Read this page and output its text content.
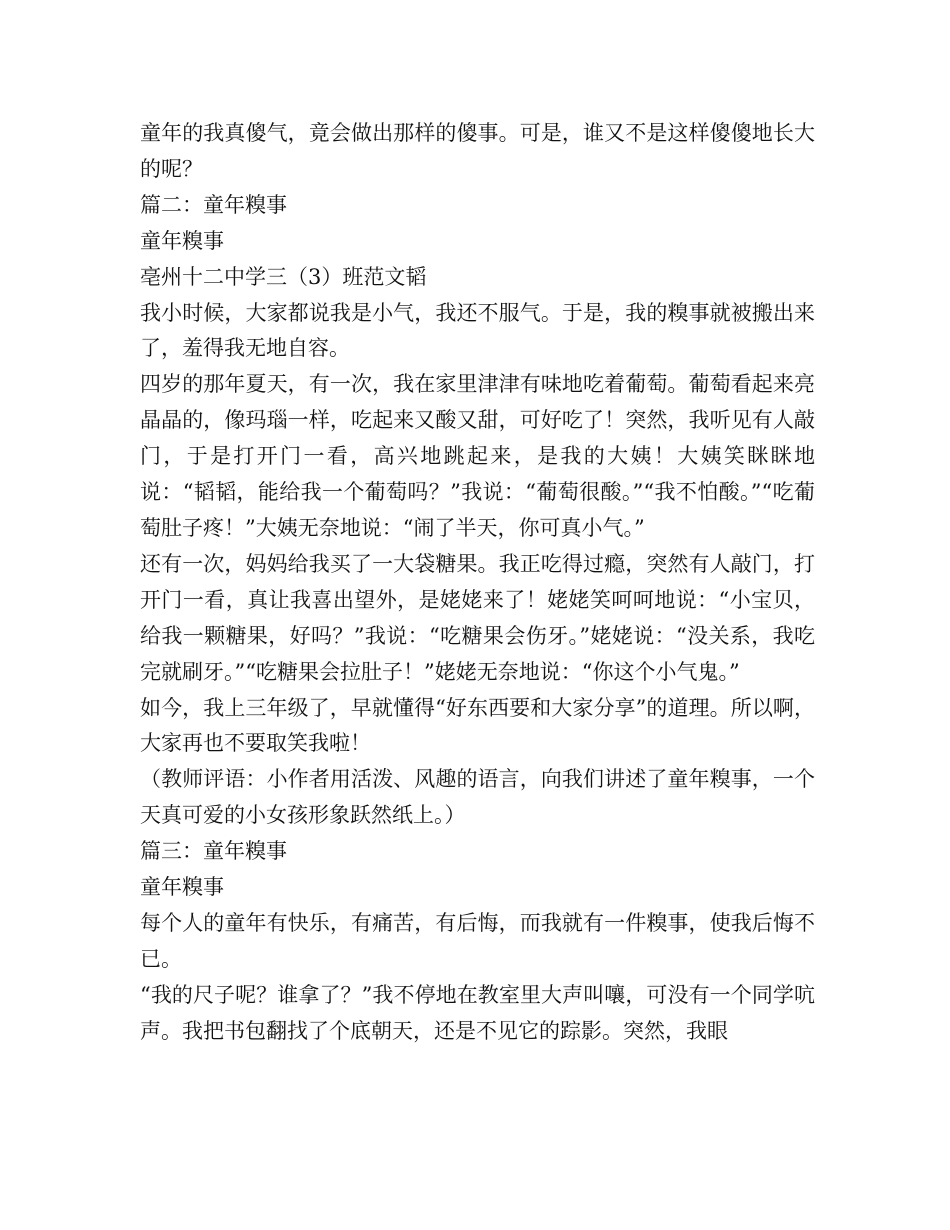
童年的我真傻气，竟会做出那样的傻事。可是，谁又不是这样傻傻地长大的呢？

篇二：童年糗事

童年糗事

亳州十二中学三（3）班范文韬

我小时候，大家都说我是小气，我还不服气。于是，我的糗事就被搬出来了，羞得我无地自容。

四岁的那年夏天，有一次，我在家里津津有味地吃着葡萄。葡萄看起来亮晶晶的，像玛瑙一样，吃起来又酸又甜，可好吃了！突然，我听见有人敲门，于是打开门一看，高兴地跳起来，是我的大姨！大姨笑眯眯地说：“韬韬，能给我一个葡萄吗？”我说：“葡萄很酸。”“我不怕酸。”“吃葡萄肚子疼！”大姨无奈地说：“闹了半天，你可真小气。”

还有一次，妈妈给我买了一大袋糖果。我正吃得过瘾，突然有人敲门，打开门一看，真让我喜出望外，是姥姥来了！姥姥笑呵呵地说：“小宝贝，给我一颗糖果，好吗？”我说：“吃糖果会伤牙。”姥姥说：“没关系，我吃完就刷牙。”“吃糖果会拉肚子！”姥姥无奈地说：“你这个小气鬼。”

如今，我上三年级了，早就懂得“好东西要和大家分享”的道理。所以啊，大家再也不要取笑我啦！

（教师评语：小作者用活泼、风趣的语言，向我们讲述了童年糗事，一个天真可爱的小女孩形象跃然纸上。）

篇三：童年糗事

童年糗事

每个人的童年有快乐，有痛苦，有后悔，而我就有一件糗事，使我后悔不已。

“我的尺子呢？谁拿了？”我不停地在教室里大声叫嚷，可没有一个同学吭声。我把书包翻找了个底朝天，还是不见它的踪影。突然，我眼
